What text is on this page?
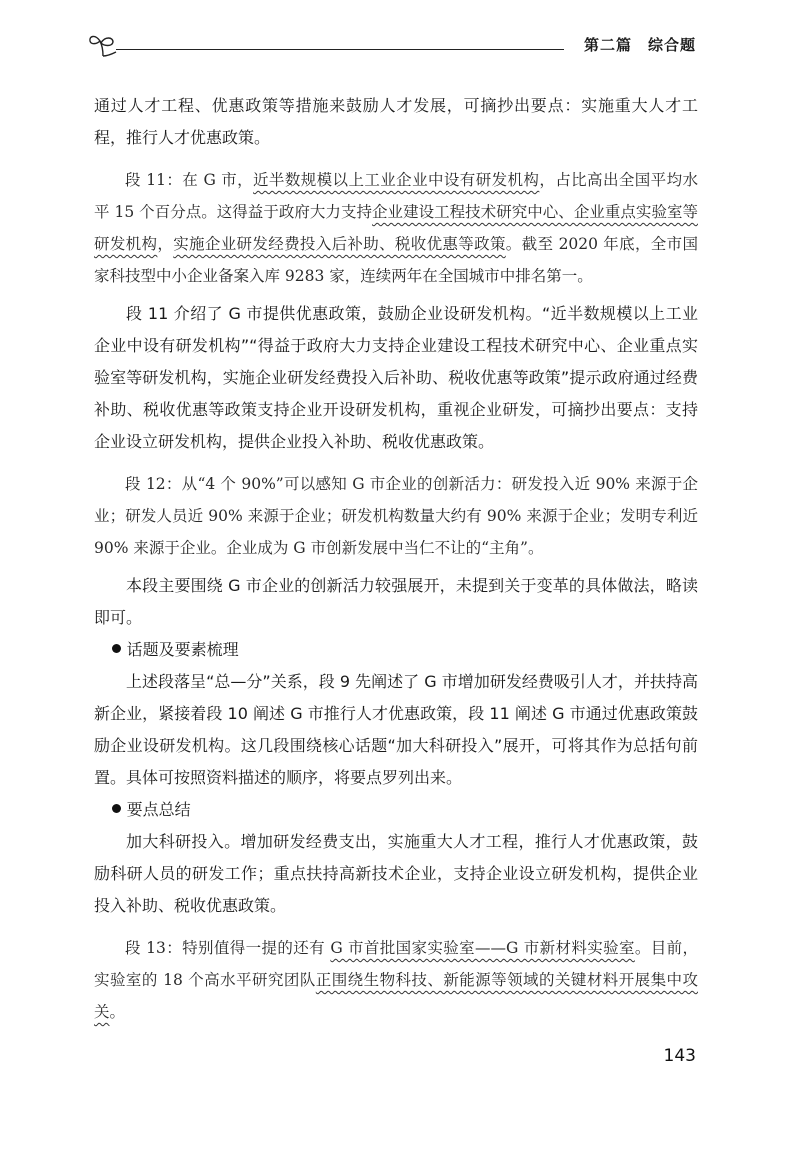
第二篇　综合题

通过人才工程、优惠政策等措施来鼓励人才发展，可摘抄出要点：实施重大人才工程，推行人才优惠政策。

段 11：在 G 市，近半数规模以上工业企业中设有研发机构，占比高出全国平均水平 15 个百分点。这得益于政府大力支持企业建设工程技术研究中心、企业重点实验室等研发机构，实施企业研发经费投入后补助、税收优惠等政策。截至 2020 年底，全市国家科技型中小企业备案入库 9283 家，连续两年在全国城市中排名第一。

段 11 介绍了 G 市提供优惠政策，鼓励企业设研发机构。“近半数规模以上工业企业中设有研发机构”“得益于政府大力支持企业建设工程技术研究中心、企业重点实验室等研发机构，实施企业研发经费投入后补助、税收优惠等政策”提示政府通过经费补助、税收优惠等政策支持企业开设研发机构，重视企业研发，可摘抄出要点：支持企业设立研发机构，提供企业投入补助、税收优惠政策。

段 12：从“4 个 90%”可以感知 G 市企业的创新活力：研发投入近 90% 来源于企业；研发人员近 90% 来源于企业；研发机构数量大约有 90% 来源于企业；发明专利近 90% 来源于企业。企业成为 G 市创新发展中当仁不让的“主角”。

本段主要围绕 G 市企业的创新活力较强展开，未提到关于变革的具体做法，略读即可。

话题及要素梳理

上述段落呈“总—分”关系，段 9 先阐述了 G 市增加研发经费吸引人才，并扶持高新企业，紧接着段 10 阐述 G 市推行人才优惠政策，段 11 阐述 G 市通过优惠政策鼓励企业设研发机构。这几段围绕核心话题“加大科研投入”展开，可将其作为总括句前置。具体可按照资料描述的顺序，将要点罗列出来。

要点总结

加大科研投入。增加研发经费支出，实施重大人才工程，推行人才优惠政策，鼓励科研人员的研发工作；重点扶持高新技术企业，支持企业设立研发机构，提供企业投入补助、税收优惠政策。

段 13：特别值得一提的还有 G 市首批国家实验室——G 市新材料实验室。目前，实验室的 18 个高水平研究团队正围绕生物科技、新能源等领域的关键材料开展集中攻关。

143
